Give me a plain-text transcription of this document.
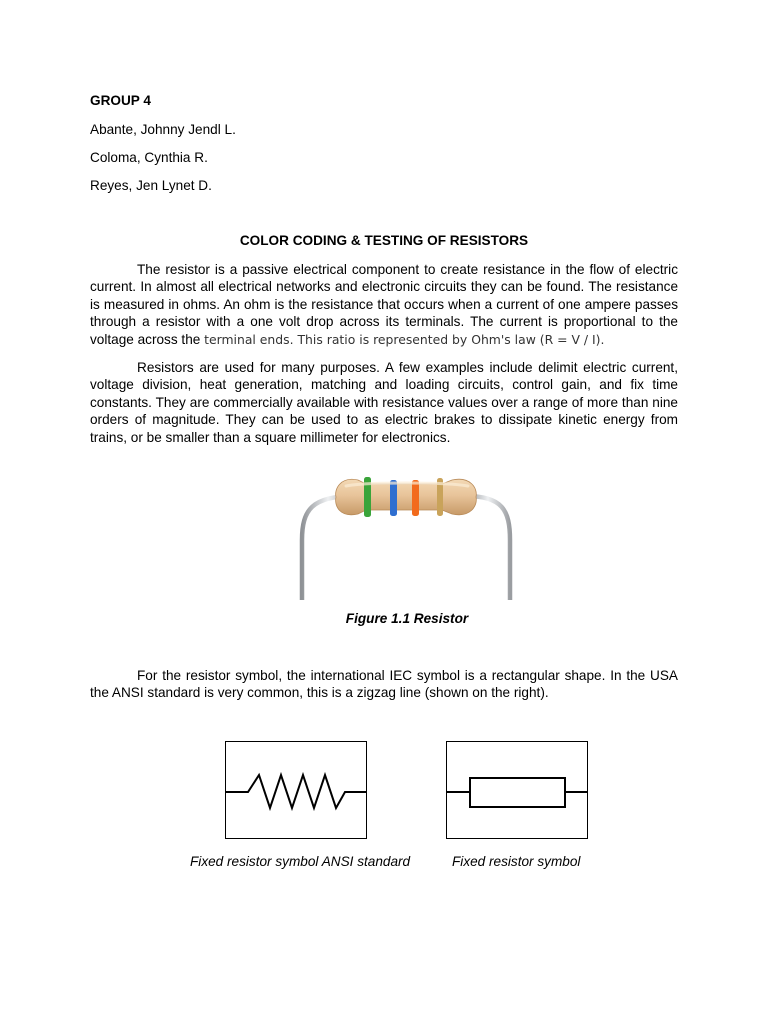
GROUP 4
Abante, Johnny Jendl L.
Coloma, Cynthia R.
Reyes, Jen Lynet D.
COLOR CODING & TESTING OF RESISTORS
The resistor is a passive electrical component to create resistance in the flow of electric
current. In almost all electrical networks and electronic circuits they can be found. The resistance
is measured in ohms. An ohm is the resistance that occurs when a current of one ampere passes
through a resistor with a one volt drop across its terminals. The current is proportional to the
voltage across the terminal ends. This ratio is represented by Ohm's law (R = V / I).
Resistors are used for many purposes. A few examples include delimit electric current,
voltage division, heat generation, matching and loading circuits, control gain, and fix time
constants. They are commercially available with resistance values over a range of more than nine
orders of magnitude. They can be used to as electric brakes to dissipate kinetic energy from
trains, or be smaller than a square millimeter for electronics.
Figure 1.1 Resistor
For the resistor symbol, the international IEC symbol is a rectangular shape. In the USA
the ANSI standard is very common, this is a zigzag line (shown on the right).
Fixed resistor symbol ANSI standard	Fixed resistor symbol
